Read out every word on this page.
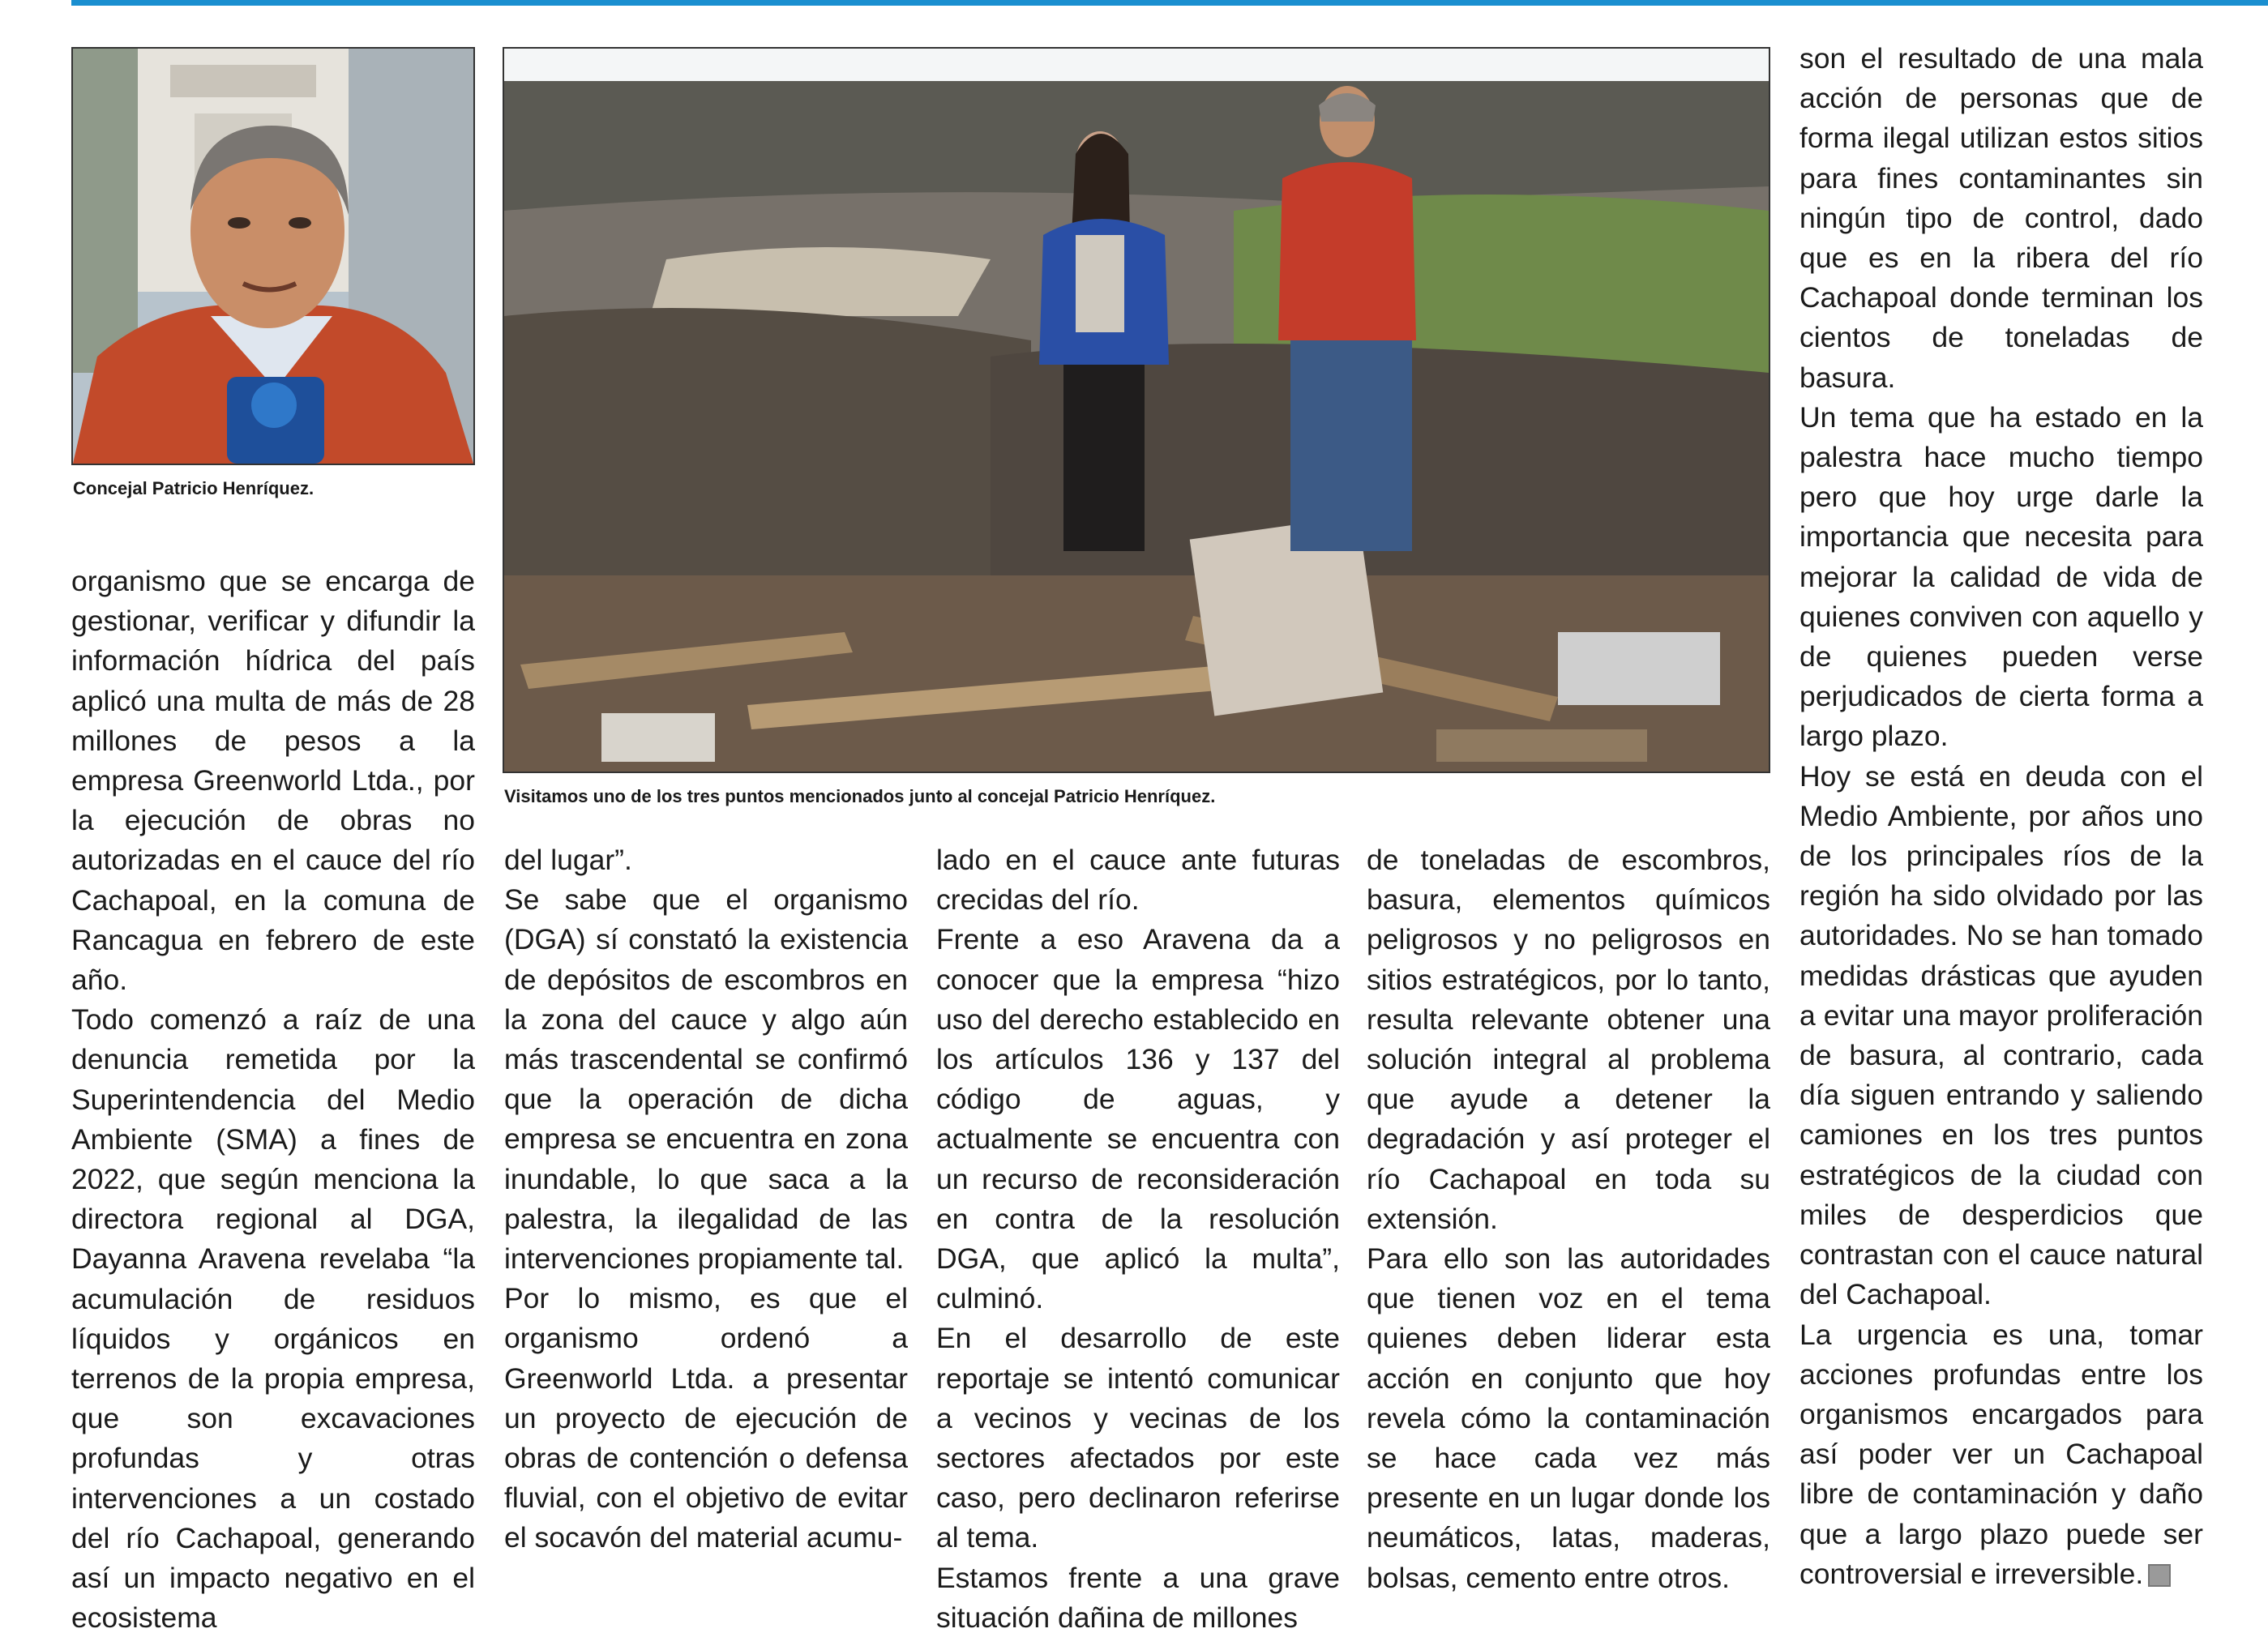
Concejal Patricio Henríquez.
Visitamos uno de los tres puntos mencionados junto al concejal Patricio Henríquez.

organismo que se encarga de gestionar, verificar y difundir la información hídrica del país aplicó una multa de más de 28 millones de pesos a la empresa Greenworld Ltda., por la ejecución de obras no autorizadas en el cauce del río Cachapoal, en la comuna de Rancagua en febrero de este año.

Todo comenzó a raíz de una denuncia remetida por la Superintendencia del Medio Ambiente (SMA) a fines de 2022, que según menciona la directora regional al DGA, Dayanna Aravena revelaba “la acumulación de residuos líquidos y orgánicos en terrenos de la propia empresa, que son excavaciones profundas y otras intervenciones a un costado del río Cachapoal, generando así un impacto negativo en el ecosistema

del lugar”.

Se sabe que el organismo (DGA) sí constató la existencia de depósitos de escombros en la zona del cauce y algo aún más trascendental se confirmó que la operación de dicha empresa se encuentra en zona inundable, lo que saca a la palestra, la ilegalidad de las intervenciones propiamente tal.

Por lo mismo, es que el organismo ordenó a Greenworld Ltda. a presentar un proyecto de ejecución de obras de contención o defensa fluvial, con el objetivo de evitar el socavón del material acumu-

lado en el cauce ante futuras crecidas del río.

Frente a eso Aravena da a conocer que la empresa “hizo uso del derecho establecido en los artículos 136 y 137 del código de aguas, y actualmente se encuentra con un recurso de reconsideración en contra de la resolución DGA, que aplicó la multa”, culminó.

En el desarrollo de este reportaje se intentó comunicar a vecinos y vecinas de los sectores afectados por este caso, pero declinaron referirse al tema.

Estamos frente a una grave situación dañina de millones

de toneladas de escombros, basura, elementos químicos peligrosos y no peligrosos en sitios estratégicos, por lo tanto, resulta relevante obtener una solución integral al problema que ayude a detener la degradación y así proteger el río Cachapoal en toda su extensión.

Para ello son las autoridades que tienen voz en el tema quienes deben liderar esta acción en conjunto que hoy revela cómo la contaminación se hace cada vez más presente en un lugar donde los neumáticos, latas, maderas, bolsas, cemento entre otros.

son el resultado de una mala acción de personas que de forma ilegal utilizan estos sitios para fines contaminantes sin ningún tipo de control, dado que es en la ribera del río Cachapoal donde terminan los cientos de toneladas de basura.

Un tema que ha estado en la palestra hace mucho tiempo pero que hoy urge darle la importancia que necesita para mejorar la calidad de vida de quienes conviven con aquello y de quienes pueden verse perjudicados de cierta forma a largo plazo.

Hoy se está en deuda con el Medio Ambiente, por años uno de los principales ríos de la región ha sido olvidado por las autoridades. No se han tomado medidas drásticas que ayuden a evitar una mayor proliferación de basura, al contrario, cada día siguen entrando y saliendo camiones en los tres puntos estratégicos de la ciudad con miles de desperdicios que contrastan con el cauce natural del Cachapoal.

La urgencia es una, tomar acciones profundas entre los organismos encargados para así poder ver un Cachapoal libre de contaminación y daño que a largo plazo puede ser controversial e irreversible.
